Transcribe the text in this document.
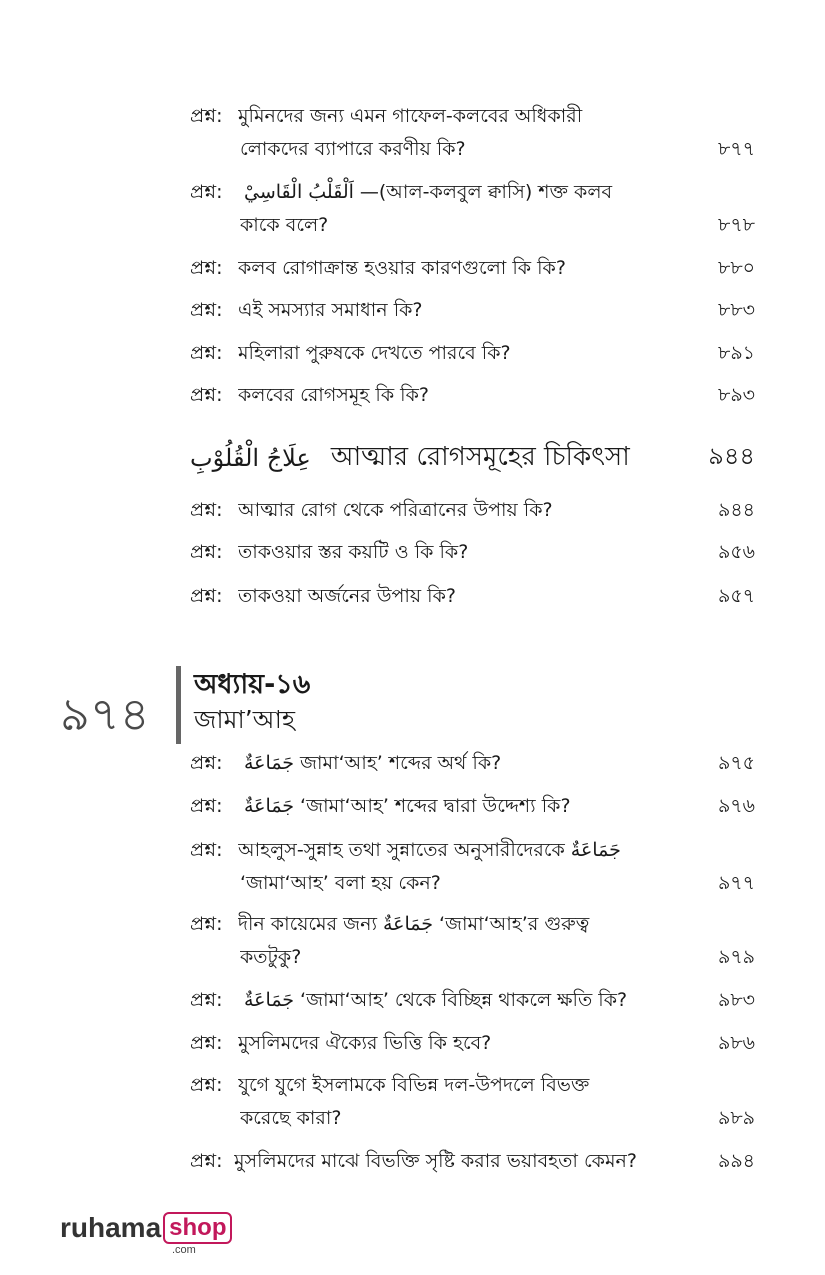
প্রশ্ন: মুমিনদের জন্য এমন গাফেল-কলবের অধিকারী
লোকদের ব্যাপারে করণীয় কি?	৮৭৭
প্রশ্ন:	اَلْقَلْبُ الْقَاسِيْ —(আল-কলবুল ক্বাসি) শক্ত কলব
কাকে বলে?	৮৭৮
প্রশ্ন: কলব রোগাক্রান্ত হওয়ার কারণগুলো কি কি?	৮৮০
প্রশ্ন: এই সমস্যার সমাধান কি?	৮৮৩
প্রশ্ন: মহিলারা পুরুষকে দেখতে পারবে কি?	৮৯১
প্রশ্ন: কলবের রোগসমূহ কি কি?	৮৯৩
عِلَاجُ الْقُلُوْبِ আত্মার রোগসমূহের চিকিৎসা	৯৪৪
প্রশ্ন: আত্মার রোগ থেকে পরিত্রানের উপায় কি?	৯৪৪
প্রশ্ন: তাকওয়ার স্তর কয়টি ও কি কি?	৯৫৬
প্রশ্ন: তাকওয়া অর্জনের উপায় কি?	৯৫৭
৯৭৪
অধ্যায়-১৬
জামা’আহ
প্রশ্ন:	جَمَاعَةٌ জামা‘আহ’ শব্দের অর্থ কি?	৯৭৫
প্রশ্ন:	جَمَاعَةٌ ‘জামা‘আহ’ শব্দের দ্বারা উদ্দেশ্য কি?	৯৭৬
প্রশ্ন: আহলুস-সুন্নাহ তথা সুন্নাতের অনুসারীদেরকে جَمَاعَةٌ
‘জামা‘আহ’ বলা হয় কেন?	৯৭৭
প্রশ্ন: দীন কায়েমের জন্য جَمَاعَةٌ ‘জামা‘আহ’র গুরুত্ব
কতটুকু?	৯৭৯
প্রশ্ন:	جَمَاعَةٌ ‘জামা‘আহ’ থেকে বিচ্ছিন্ন থাকলে ক্ষতি কি?	৯৮৩
প্রশ্ন: মুসলিমদের ঐক্যের ভিত্তি কি হবে?	৯৮৬
প্রশ্ন: যুগে যুগে ইসলামকে বিভিন্ন দল-উপদলে বিভক্ত
করেছে কারা?	৯৮৯
প্রশ্ন: মুসলিমদের মাঝে বিভক্তি সৃষ্টি করার ভয়াবহতা কেমন?	৯৯৪
ruhama shop
.com
